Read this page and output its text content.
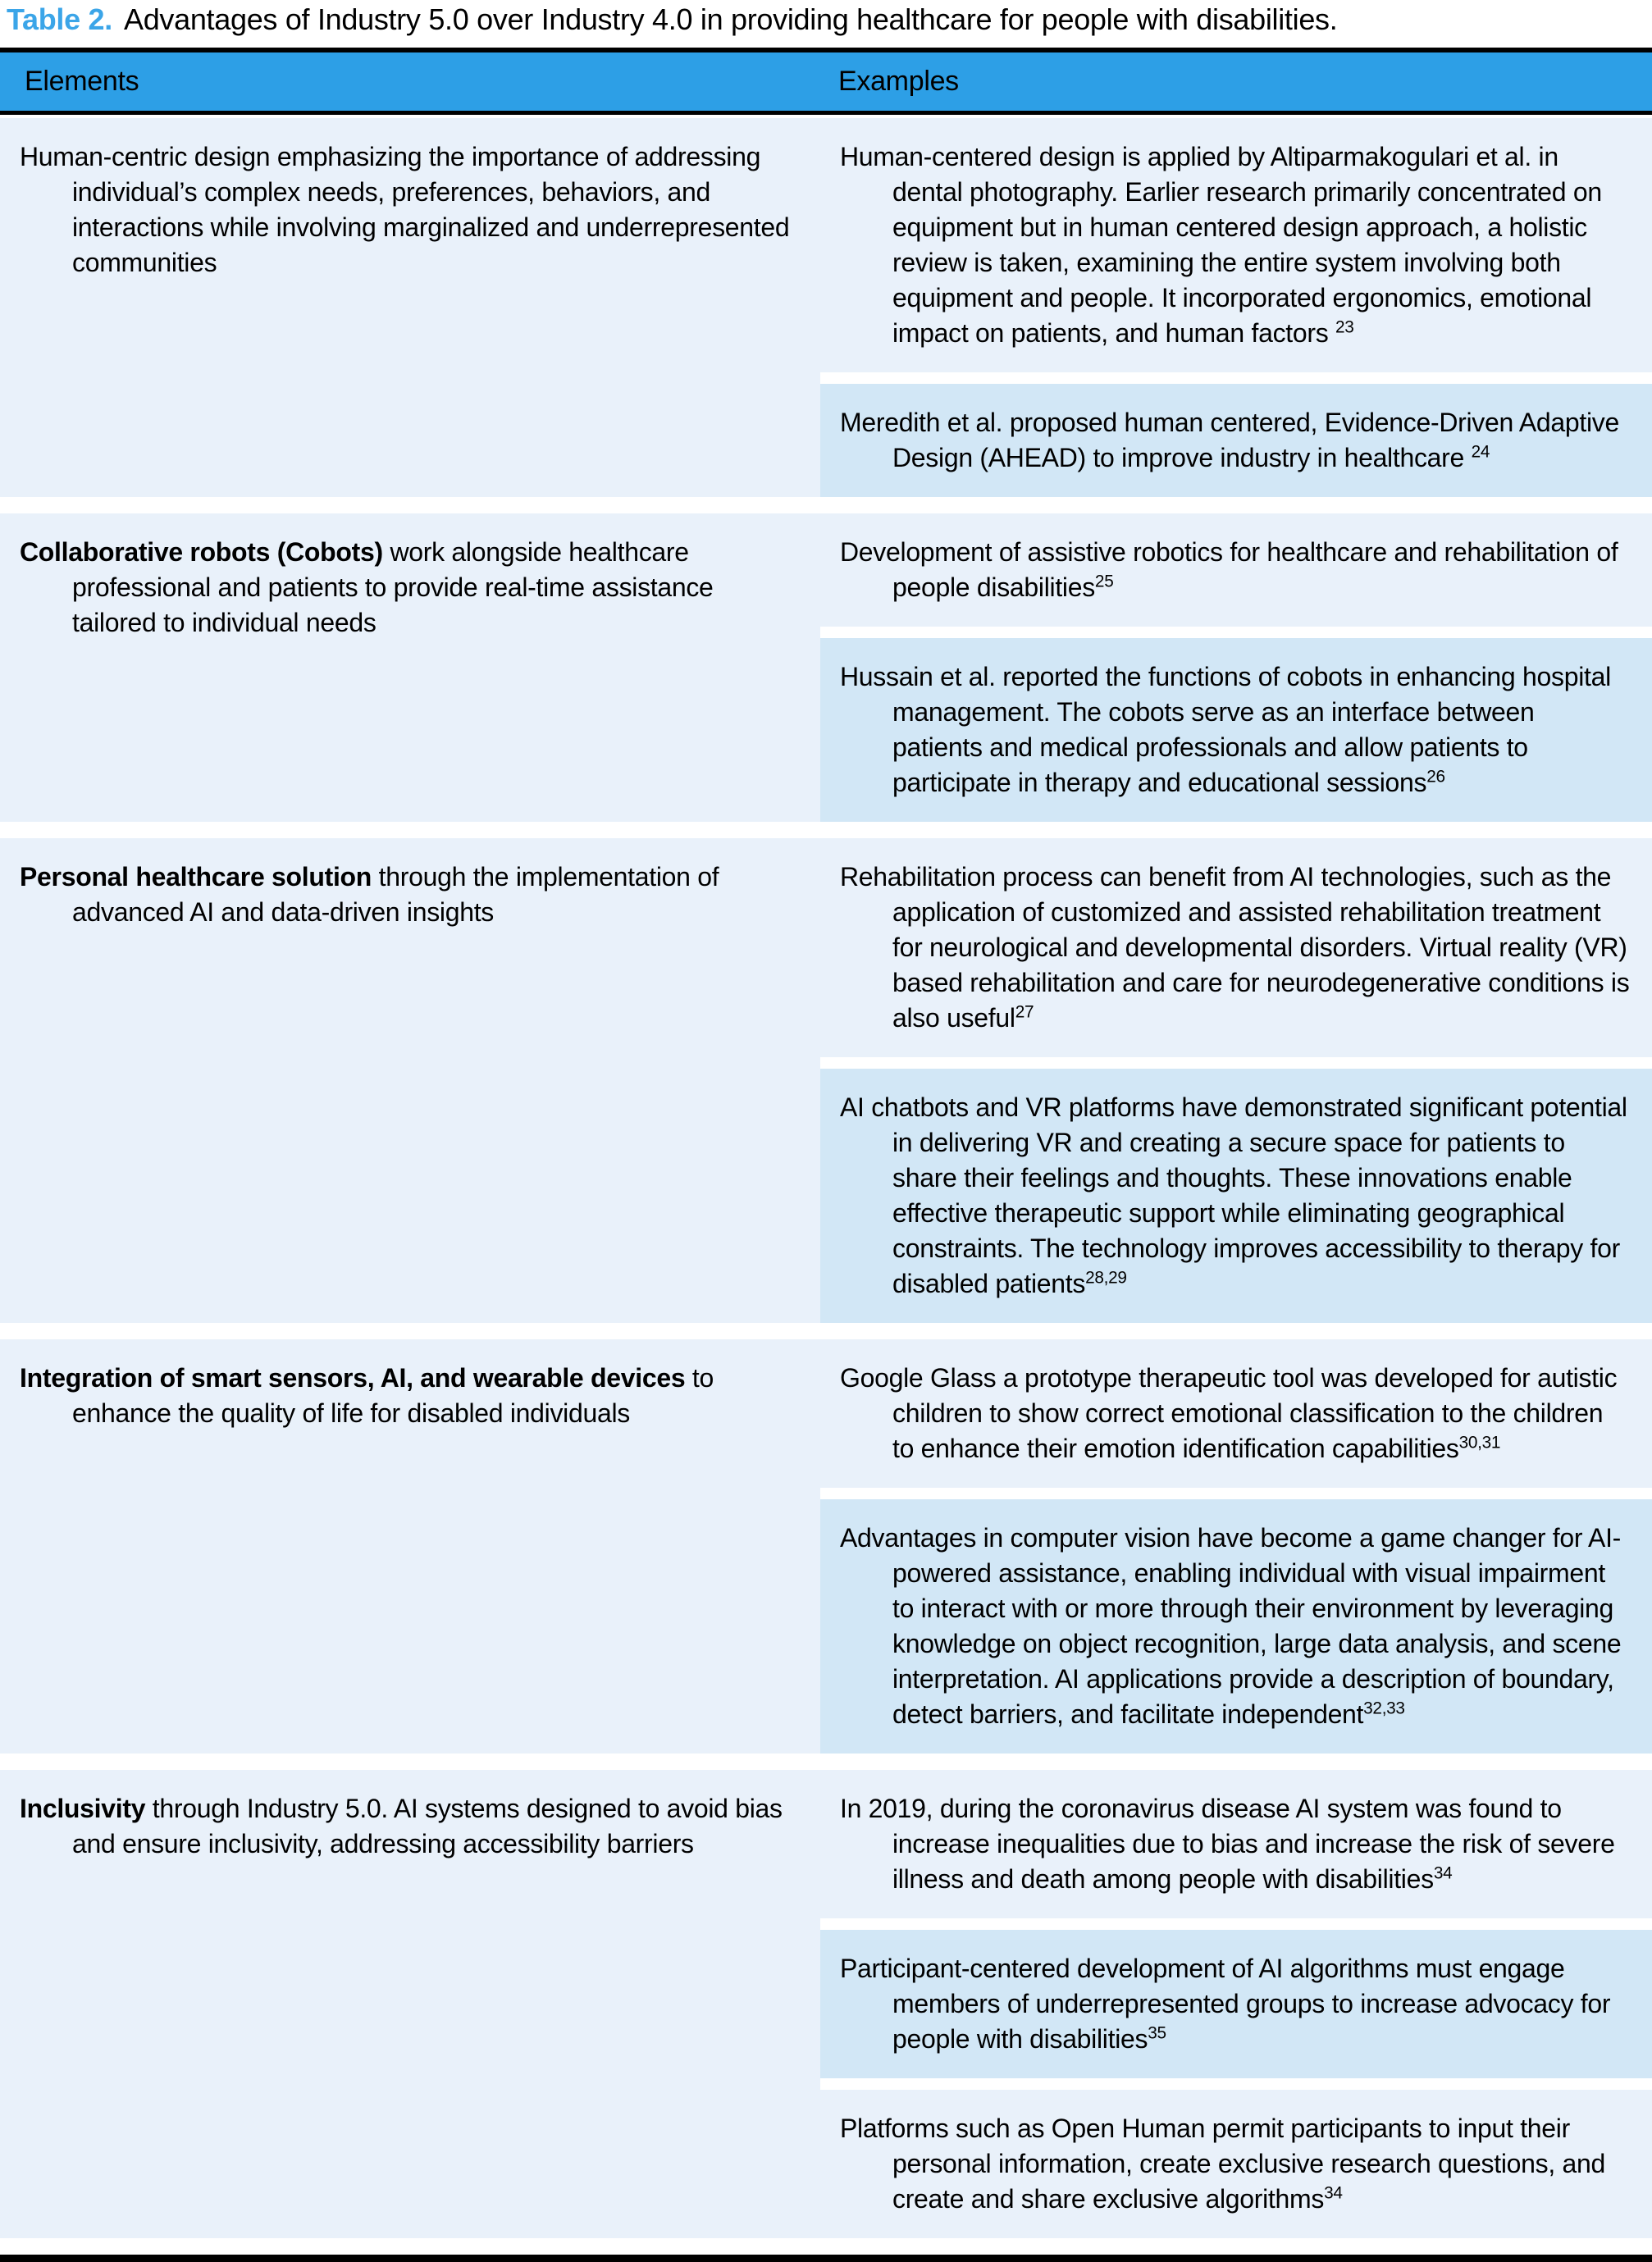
Table 2. Advantages of Industry 5.0 over Industry 4.0 in providing healthcare for people with disabilities.
Elements	Examples

Human-centric design emphasizing the importance of addressing individual’s complex needs, preferences, behaviors, and interactions while involving marginalized and underrepresented communities

Human-centered design is applied by Altiparmakogulari et al. in dental photography. Earlier research primarily concentrated on equipment but in human centered design approach, a holistic review is taken, examining the entire system involving both equipment and people. It incorporated ergonomics, emotional impact on patients, and human factors $^{23}$

Meredith et al. proposed human centered, Evidence-Driven Adaptive Design (AHEAD) to improve industry in healthcare $^{24}$

Collaborative robots (Cobots) work alongside healthcare professional and patients to provide real-time assistance tailored to individual needs

Development of assistive robotics for healthcare and rehabilitation of people disabilities$^{25}$

Hussain et al. reported the functions of cobots in enhancing hospital management. The cobots serve as an interface between patients and medical professionals and allow patients to participate in therapy and educational sessions$^{26}$

Personal healthcare solution through the implementation of advanced AI and data-driven insights

Rehabilitation process can benefit from AI technologies, such as the application of customized and assisted rehabilitation treatment for neurological and developmental disorders. Virtual reality (VR) based rehabilitation and care for neurodegenerative conditions is also useful$^{27}$

AI chatbots and VR platforms have demonstrated significant potential in delivering VR and creating a secure space for patients to share their feelings and thoughts. These innovations enable effective therapeutic support while eliminating geographical constraints. The technology improves accessibility to therapy for disabled patients$^{28,29}$

Integration of smart sensors, AI, and wearable devices to enhance the quality of life for disabled individuals

Google Glass a prototype therapeutic tool was developed for autistic children to show correct emotional classification to the children to enhance their emotion identification capabilities$^{30,31}$

Advantages in computer vision have become a game changer for AI-powered assistance, enabling individual with visual impairment to interact with or more through their environment by leveraging knowledge on object recognition, large data analysis, and scene interpretation. AI applications provide a description of boundary, detect barriers, and facilitate independent$^{32,33}$

Inclusivity through Industry 5.0. AI systems designed to avoid bias and ensure inclusivity, addressing accessibility barriers

In 2019, during the coronavirus disease AI system was found to increase inequalities due to bias and increase the risk of severe illness and death among people with disabilities$^{34}$

Participant-centered development of AI algorithms must engage members of underrepresented groups to increase advocacy for people with disabilities$^{35}$

Platforms such as Open Human permit participants to input their personal information, create exclusive research questions, and create and share exclusive algorithms$^{34}$
